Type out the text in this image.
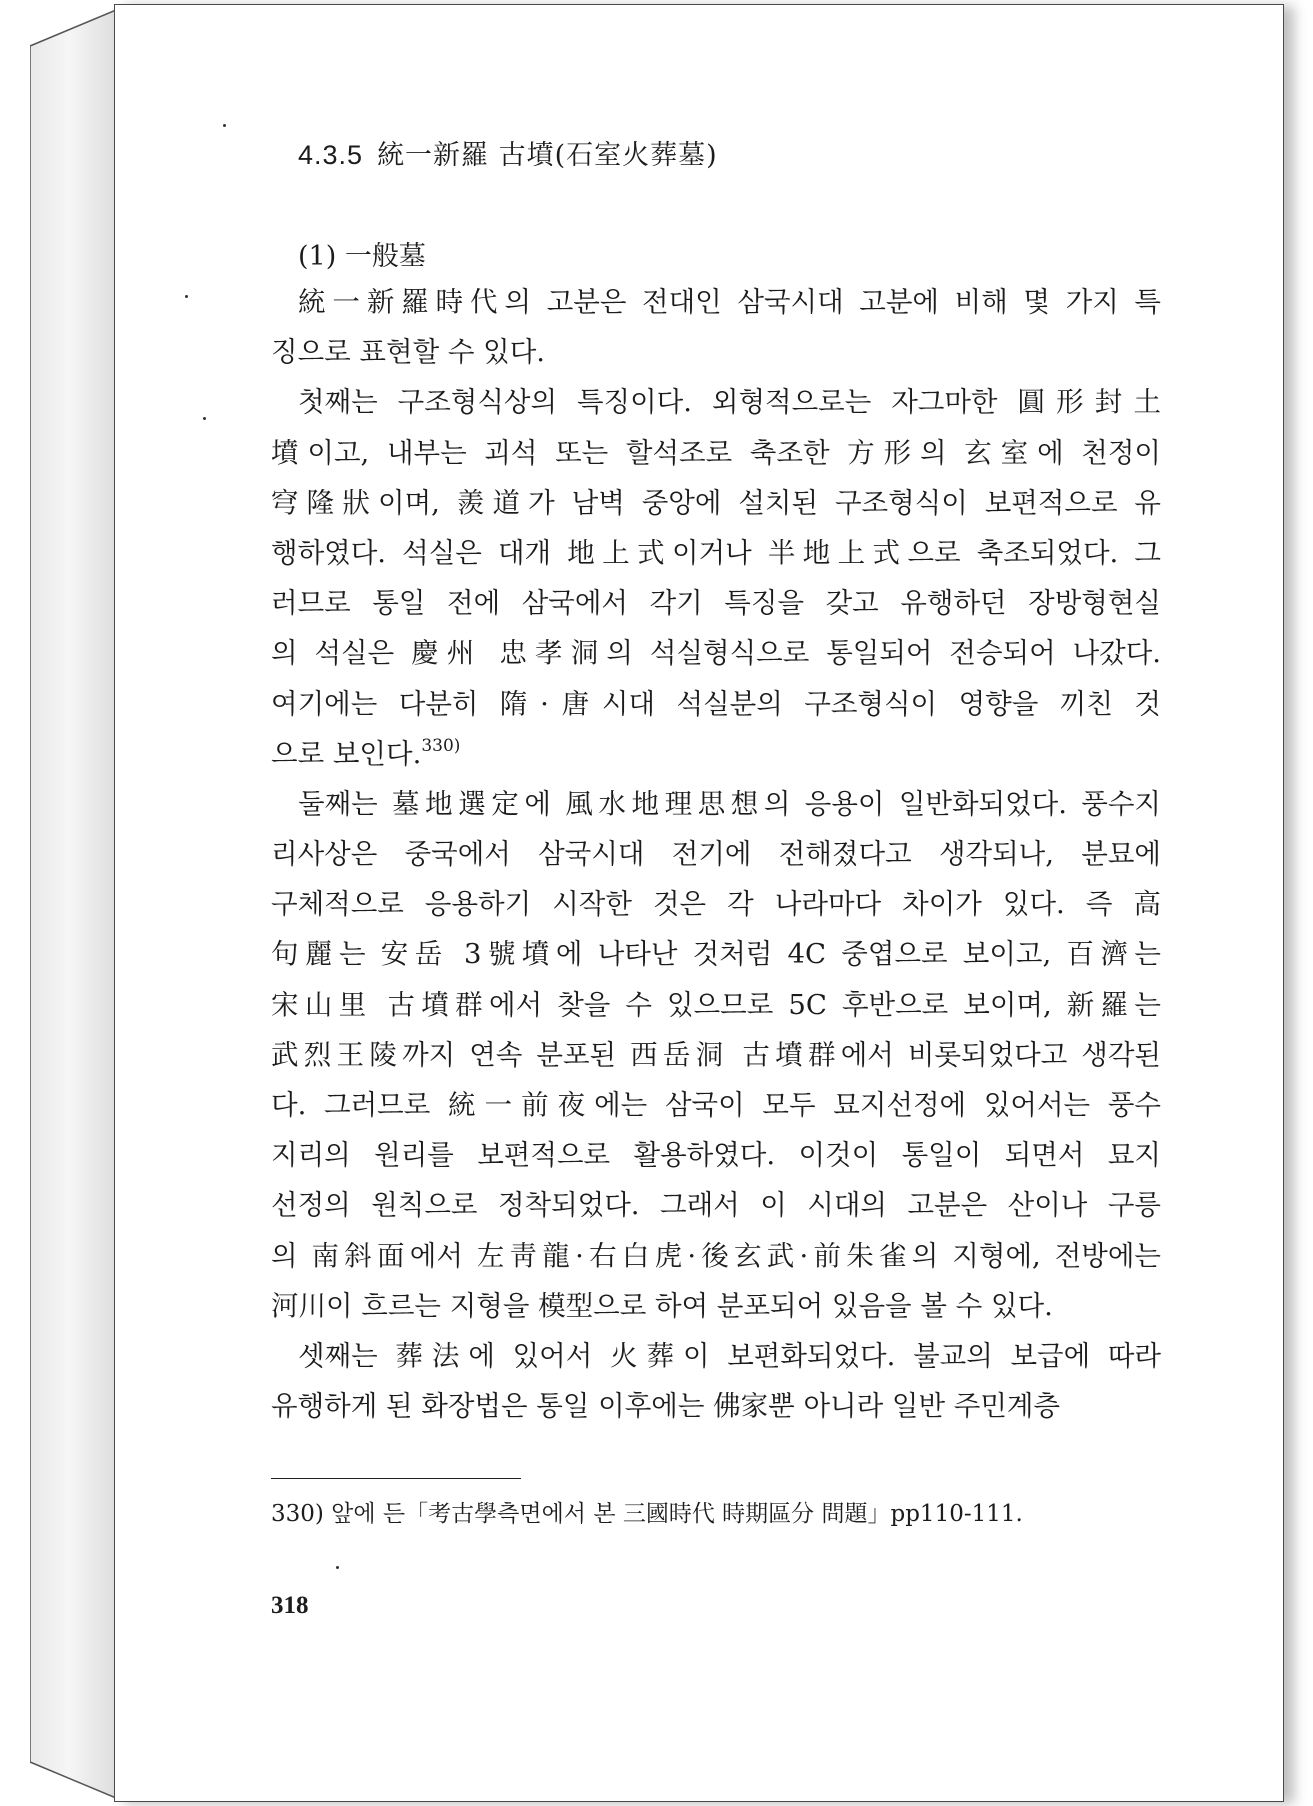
4.3.5 統一新羅 古墳(石室火葬墓)
(1) 一般墓
統一新羅時代의 고분은 전대인 삼국시대 고분에 비해 몇 가지 특
징으로 표현할 수 있다.
첫째는 구조형식상의 특징이다. 외형적으로는 자그마한 圓形封土
墳이고, 내부는 괴석 또는 할석조로 축조한 方形의 玄室에 천정이
穹隆狀이며, 羨道가 남벽 중앙에 설치된 구조형식이 보편적으로 유
행하였다. 석실은 대개 地上式이거나 半地上式으로 축조되었다. 그
러므로 통일 전에 삼국에서 각기 특징을 갖고 유행하던 장방형현실
의 석실은 慶州 忠孝洞의 석실형식으로 통일되어 전승되어 나갔다.
여기에는 다분히 隋·唐시대 석실분의 구조형식이 영향을 끼친 것
으로 보인다.$^{330)}$
둘째는 墓地選定에 風水地理思想의 응용이 일반화되었다. 풍수지
리사상은 중국에서 삼국시대 전기에 전해졌다고 생각되나, 분묘에
구체적으로 응용하기 시작한 것은 각 나라마다 차이가 있다. 즉 高
句麗는 安岳 3號墳에 나타난 것처럼 4C 중엽으로 보이고, 百濟는
宋山里 古墳群에서 찾을 수 있으므로 5C 후반으로 보이며, 新羅는
武烈王陵까지 연속 분포된 西岳洞 古墳群에서 비롯되었다고 생각된
다. 그러므로 統一前夜에는 삼국이 모두 묘지선정에 있어서는 풍수
지리의 원리를 보편적으로 활용하였다. 이것이 통일이 되면서 묘지
선정의 원칙으로 정착되었다. 그래서 이 시대의 고분은 산이나 구릉
의 南斜面에서 左靑龍·右白虎·後玄武·前朱雀의 지형에, 전방에는
河川이 흐르는 지형을 模型으로 하여 분포되어 있음을 볼 수 있다.
셋째는 葬法에 있어서 火葬이 보편화되었다. 불교의 보급에 따라
유행하게 된 화장법은 통일 이후에는 佛家뿐 아니라 일반 주민계층
330) 앞에 든「考古學측면에서 본 三國時代 時期區分 問題」pp110-111.
318
